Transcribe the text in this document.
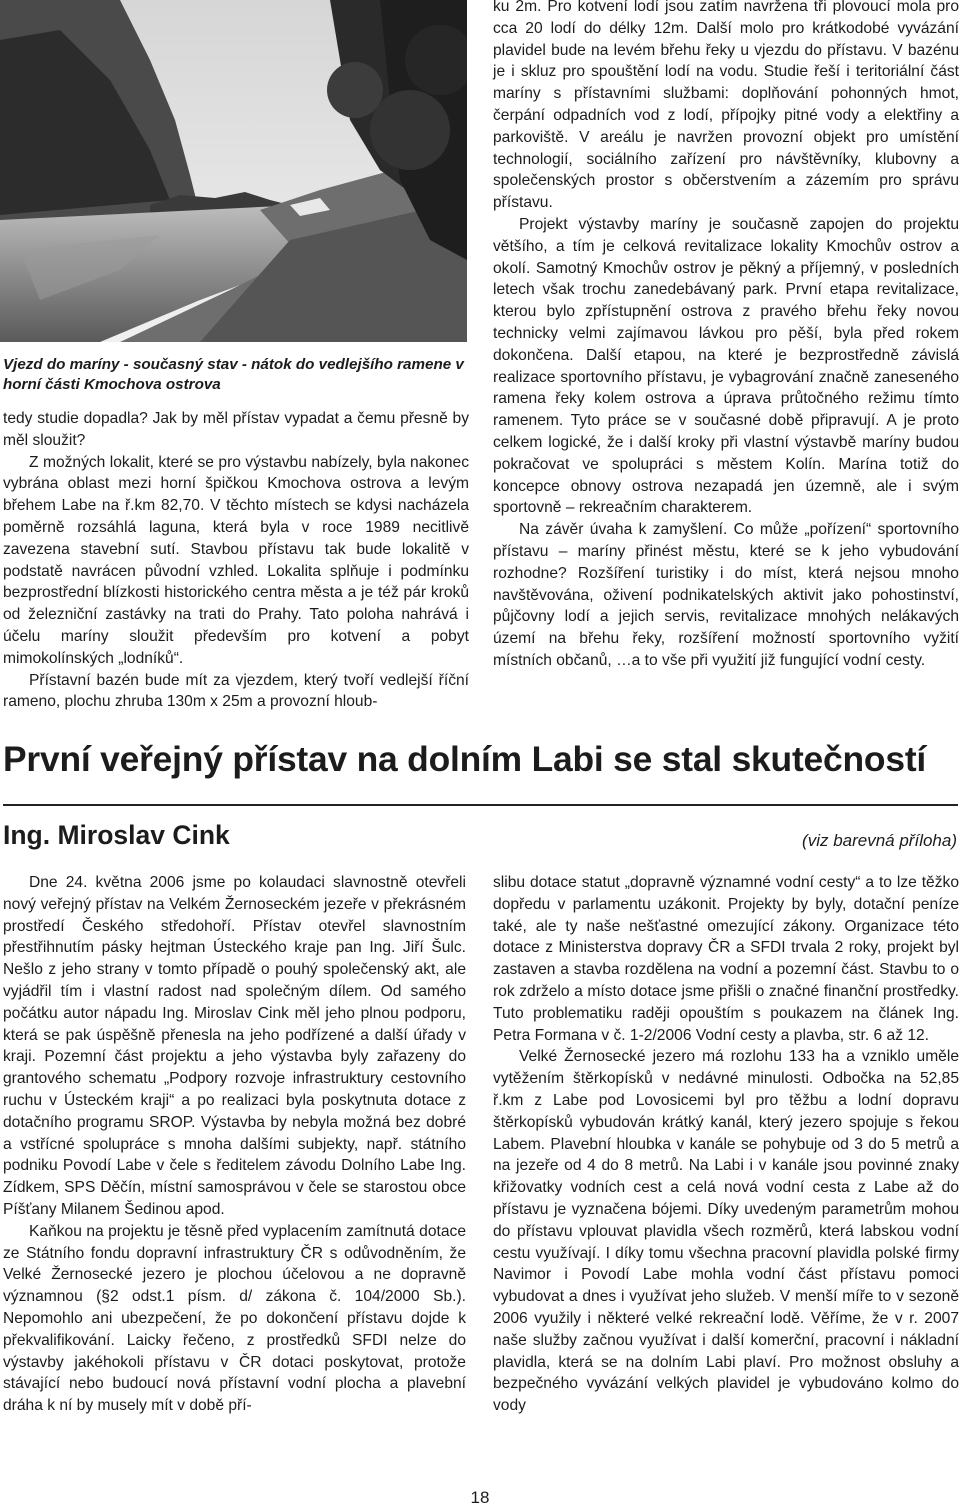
Vjezd do maríny - současný stav - nátok do vedlejšího ramene v horní části Kmochova ostrova

tedy studie dopadla? Jak by měl přístav vypadat a čemu přesně by měl sloužit?

Z možných lokalit, které se pro výstavbu nabízely, byla nakonec vybrána oblast mezi horní špičkou Kmochova ostrova a levým břehem Labe na ř.km 82,70. V těchto místech se kdysi nacházela poměrně rozsáhlá laguna, která byla v roce 1989 necitlivě zavezena stavební sutí. Stavbou přístavu tak bude lokalitě v podstatě navrácen původní vzhled. Lokalita splňuje i podmínku bezprostřední blízkosti historického centra města a je též pár kroků od železniční zastávky na trati do Prahy. Tato poloha nahrává i účelu maríny sloužit především pro kotvení a pobyt mimokolínských „lodníků“.

Přístavní bazén bude mít za vjezdem, který tvoří vedlejší říční rameno, plochu zhruba 130m x 25m a provozní hloub-

ku 2m. Pro kotvení lodí jsou zatím navržena tři plovoucí mola pro cca 20 lodí do délky 12m. Další molo pro krátkodobé vyvázání plavidel bude na levém břehu řeky u vjezdu do přístavu. V bazénu je i skluz pro spouštění lodí na vodu. Studie řeší i teritoriální část maríny s přístavními službami: doplňování pohonných hmot, čerpání odpadních vod z lodí, přípojky pitné vody a elektřiny a parkoviště. V areálu je navržen provozní objekt pro umístění technologií, sociálního zařízení pro návštěvníky, klubovny a společenských prostor s občerstvením a zázemím pro správu přístavu.

Projekt výstavby maríny je současně zapojen do projektu většího, a tím je celková revitalizace lokality Kmochův ostrov a okolí. Samotný Kmochův ostrov je pěkný a příjemný, v posledních letech však trochu zanedebávaný park. První etapa revitalizace, kterou bylo zpřístupnění ostrova z pravého břehu řeky novou technicky velmi zajímavou lávkou pro pěší, byla před rokem dokončena. Další etapou, na které je bezprostředně závislá realizace sportovního přístavu, je vybagrování značně zaneseného ramena řeky kolem ostrova a úprava průtočného režimu tímto ramenem. Tyto práce se v současné době připravují. A je proto celkem logické, že i další kroky při vlastní výstavbě maríny budou pokračovat ve spolupráci s městem Kolín. Marína totiž do koncepce obnovy ostrova nezapadá jen územně, ale i svým sportovně – rekreačním charakterem.

Na závěr úvaha k zamyšlení. Co může „pořízení“ sportovního přístavu – maríny přinést městu, které se k jeho vybudování rozhodne? Rozšíření turistiky i do míst, která nejsou mnoho navštěvována, oživení podnikatelských aktivit jako pohostinství, půjčovny lodí a jejich servis, revitalizace mnohých nelákavých území na břehu řeky, rozšíření možností sportovního vyžití místních občanů, …a to vše při využití již fungující vodní cesty.

První veřejný přístav na dolním Labi se stal skutečností
Ing. Miroslav Cink	(viz barevná příloha)

Dne 24. května 2006 jsme po kolaudaci slavnostně otevřeli nový veřejný přístav na Velkém Žernoseckém jezeře v překrásném prostředí Českého středohoří. Přístav otevřel slavnostním přestřihnutím pásky hejtman Ústeckého kraje pan Ing. Jiří Šulc. Nešlo z jeho strany v tomto případě o pouhý společenský akt, ale vyjádřil tím i vlastní radost nad společným dílem. Od samého počátku autor nápadu Ing. Miroslav Cink měl jeho plnou podporu, která se pak úspěšně přenesla na jeho podřízené a další úřady v kraji. Pozemní část projektu a jeho výstavba byly zařazeny do grantového schematu „Podpory rozvoje infrastruktury cestovního ruchu v Ústeckém kraji“ a po realizaci byla poskytnuta dotace z dotačního programu SROP. Výstavba by nebyla možná bez dobré a vstřícné spolupráce s mnoha dalšími subjekty, např. státního podniku Povodí Labe v čele s ředitelem závodu Dolního Labe Ing. Zídkem, SPS Děčín, místní samosprávou v čele se starostou obce Píšťany Milanem Šedinou apod.

Kaňkou na projektu je těsně před vyplacením zamítnutá dotace ze Státního fondu dopravní infrastruktury ČR s odůvodněním, že Velké Žernosecké jezero je plochou účelovou a ne dopravně významnou (§2 odst.1 písm. d/ zákona č. 104/2000 Sb.). Nepomohlo ani ubezpečení, že po dokončení přístavu dojde k překvalifikování. Laicky řečeno, z prostředků SFDI nelze do výstavby jakéhokoli přístavu v ČR dotaci poskytovat, protože stávající nebo budoucí nová přístavní vodní plocha a plavební dráha k ní by musely mít v době pří-

slibu dotace statut „dopravně významné vodní cesty“ a to lze těžko dopředu v parlamentu uzákonit. Projekty by byly, dotační peníze také, ale ty naše nešťastné omezující zákony. Organizace této dotace z Ministerstva dopravy ČR a SFDI trvala 2 roky, projekt byl zastaven a stavba rozdělena na vodní a pozemní část. Stavbu to o rok zdrželo a místo dotace jsme přišli o značné finanční prostředky. Tuto problematiku raději opouštím s poukazem na článek Ing. Petra Formana v č. 1-2/2006 Vodní cesty a plavba, str. 6 až 12.

Velké Žernosecké jezero má rozlohu 133 ha a vzniklo uměle vytěžením štěrkopísků v nedávné minulosti. Odbočka na 52,85 ř.km z Labe pod Lovosicemi byl pro těžbu a lodní dopravu štěrkopísků vybudován krátký kanál, který jezero spojuje s řekou Labem. Plavební hloubka v kanále se pohybuje od 3 do 5 metrů a na jezeře od 4 do 8 metrů. Na Labi i v kanále jsou povinné znaky křižovatky vodních cest a celá nová vodní cesta z Labe až do přístavu je vyznačena bójemi. Díky uvedeným parametrům mohou do přístavu vplouvat plavidla všech rozměrů, která labskou vodní cestu využívají. I díky tomu všechna pracovní plavidla polské firmy Navimor i Povodí Labe mohla vodní část přístavu pomoci vybudovat a dnes i využívat jeho služeb. V menší míře to v sezoně 2006 využily i některé velké rekreační lodě. Věříme, že v r. 2007 naše služby začnou využívat i další komerční, pracovní i nákladní plavidla, která se na dolním Labi plaví. Pro možnost obsluhy a bezpečného vyvázání velkých plavidel je vybudováno kolmo do vody

18
